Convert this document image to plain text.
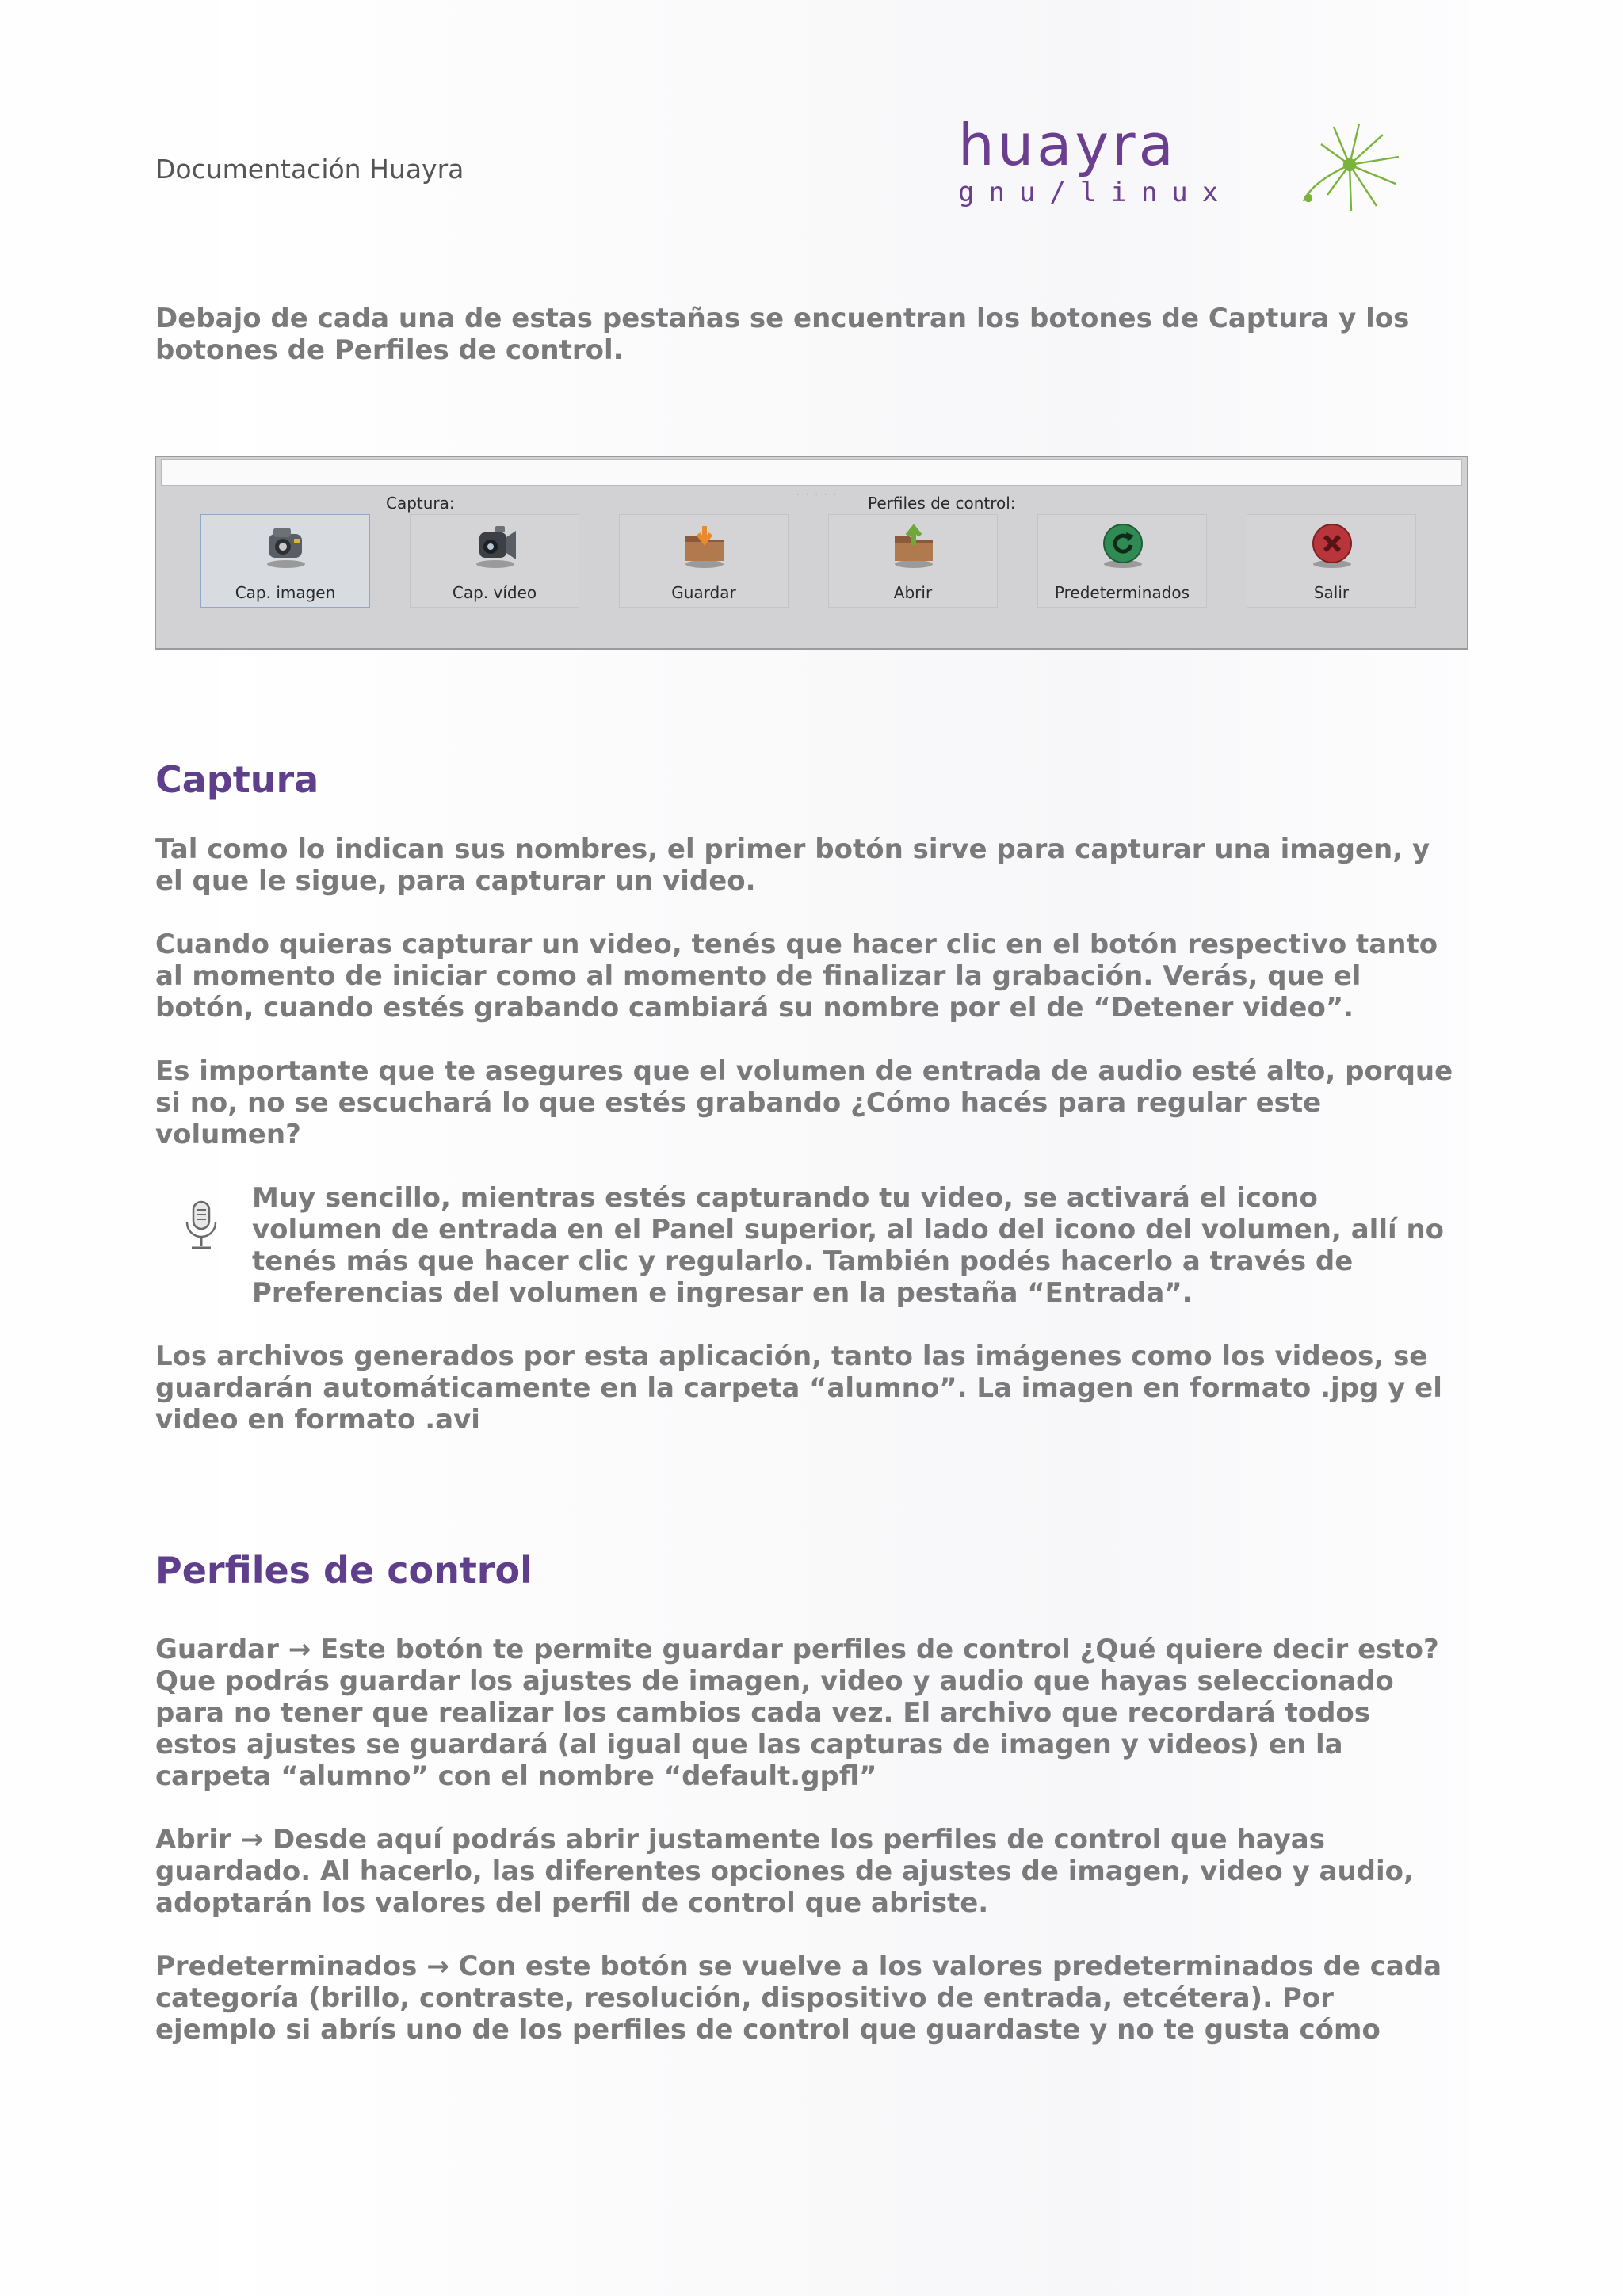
Documentación Huayra	huayra
gnu/linux

Debajo de cada una de estas pestañas se encuentran los botones de Captura y los
botones de Perfiles de control.

· · · · ·
Captura:	Perfiles de control:
Cap. imagen	Cap. vídeo	Guardar	Abrir	Predeterminados	Salir
Captura

Tal como lo indican sus nombres, el primer botón sirve para capturar una imagen, y
el que le sigue, para capturar un video.

Cuando quieras capturar un video, tenés que hacer clic en el botón respectivo tanto
al momento de iniciar como al momento de finalizar la grabación. Verás, que el
botón, cuando estés grabando cambiará su nombre por el de “Detener video”.

Es importante que te asegures que el volumen de entrada de audio esté alto, porque
si no, no se escuchará lo que estés grabando ¿Cómo hacés para regular este
volumen?

Muy sencillo, mientras estés capturando tu video, se activará el icono
volumen de entrada en el Panel superior, al lado del icono del volumen, allí no
tenés más que hacer clic y regularlo. También podés hacerlo a través de
Preferencias del volumen e ingresar en la pestaña “Entrada”.

Los archivos generados por esta aplicación, tanto las imágenes como los videos, se
guardarán automáticamente en la carpeta “alumno”. La imagen en formato .jpg y el
video en formato .avi

Perfiles de control

Guardar → Este botón te permite guardar perfiles de control ¿Qué quiere decir esto?
Que podrás guardar los ajustes de imagen, video y audio que hayas seleccionado
para no tener que realizar los cambios cada vez. El archivo que recordará todos
estos ajustes se guardará (al igual que las capturas de imagen y videos) en la
carpeta “alumno” con el nombre “default.gpfl”

Abrir → Desde aquí podrás abrir justamente los perfiles de control que hayas
guardado. Al hacerlo, las diferentes opciones de ajustes de imagen, video y audio,
adoptarán los valores del perfil de control que abriste.

Predeterminados → Con este botón se vuelve a los valores predeterminados de cada
categoría (brillo, contraste, resolución, dispositivo de entrada, etcétera). Por
ejemplo si abrís uno de los perfiles de control que guardaste y no te gusta cómo
